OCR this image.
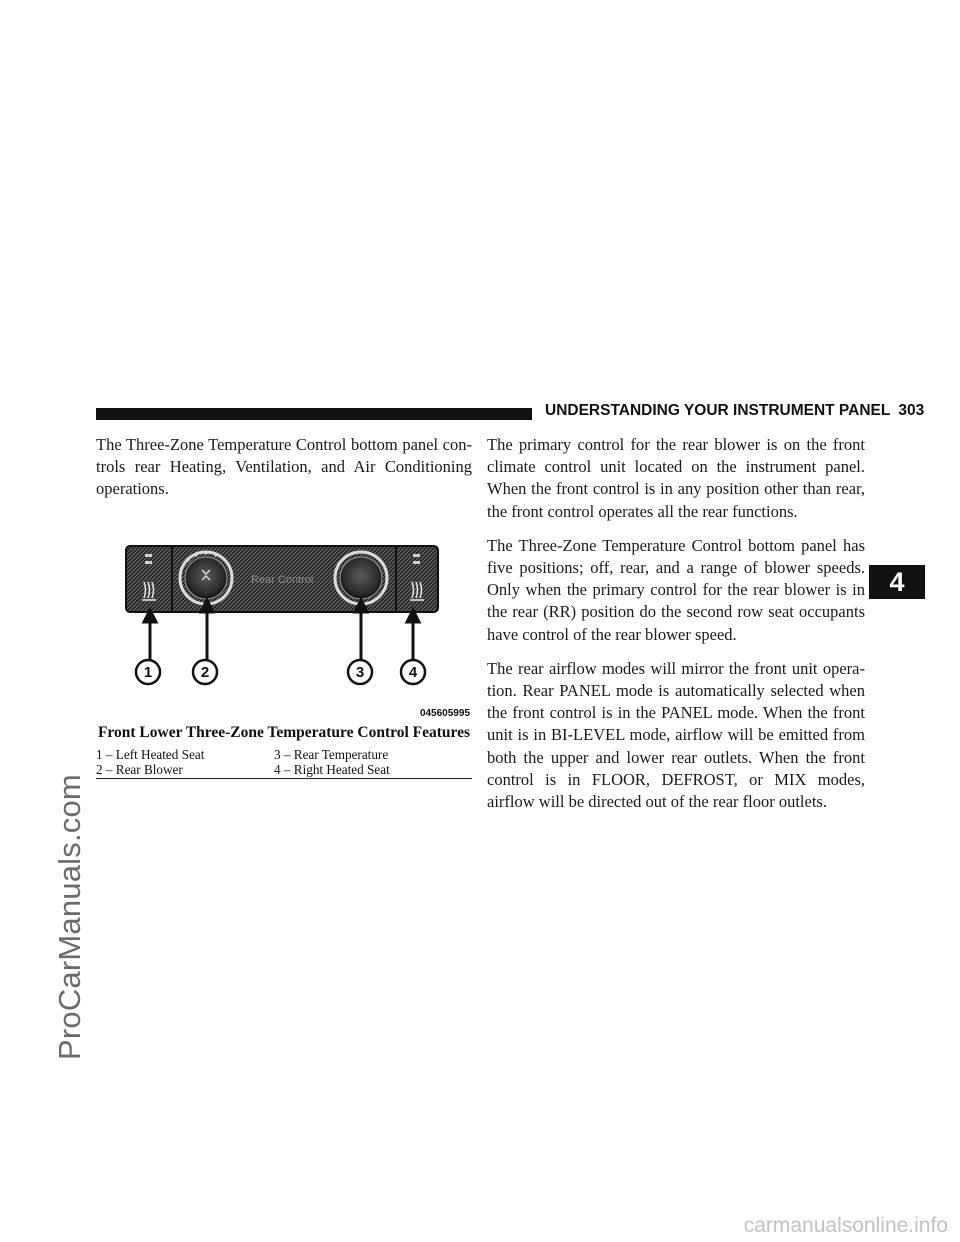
ProCarManuals.com
carmanualsonline.info
UNDERSTANDING YOUR INSTRUMENT PANEL 303
4

The Three-Zone Temperature Control bottom panel con-trols rear Heating, Ventilation, and Air Conditioning operations.

Rear Control
1	2	3	4
045605995
Front Lower Three-Zone Temperature Control Features
1 – Left Heated Seat	3 – Rear Temperature
2 – Rear Blower	4 – Right Heated Seat

The primary control for the rear blower is on the front climate control unit located on the instrument panel. When the front control is in any position other than rear, the front control operates all the rear functions.

The Three-Zone Temperature Control bottom panel has five positions; off, rear, and a range of blower speeds. Only when the primary control for the rear blower is in the rear (RR) position do the second row seat occupants have control of the rear blower speed.

The rear airflow modes will mirror the front unit opera-tion. Rear PANEL mode is automatically selected when the front control is in the PANEL mode. When the front unit is in BI-LEVEL mode, airflow will be emitted from both the upper and lower rear outlets. When the front control is in FLOOR, DEFROST, or MIX modes, airflow will be directed out of the rear floor outlets.
